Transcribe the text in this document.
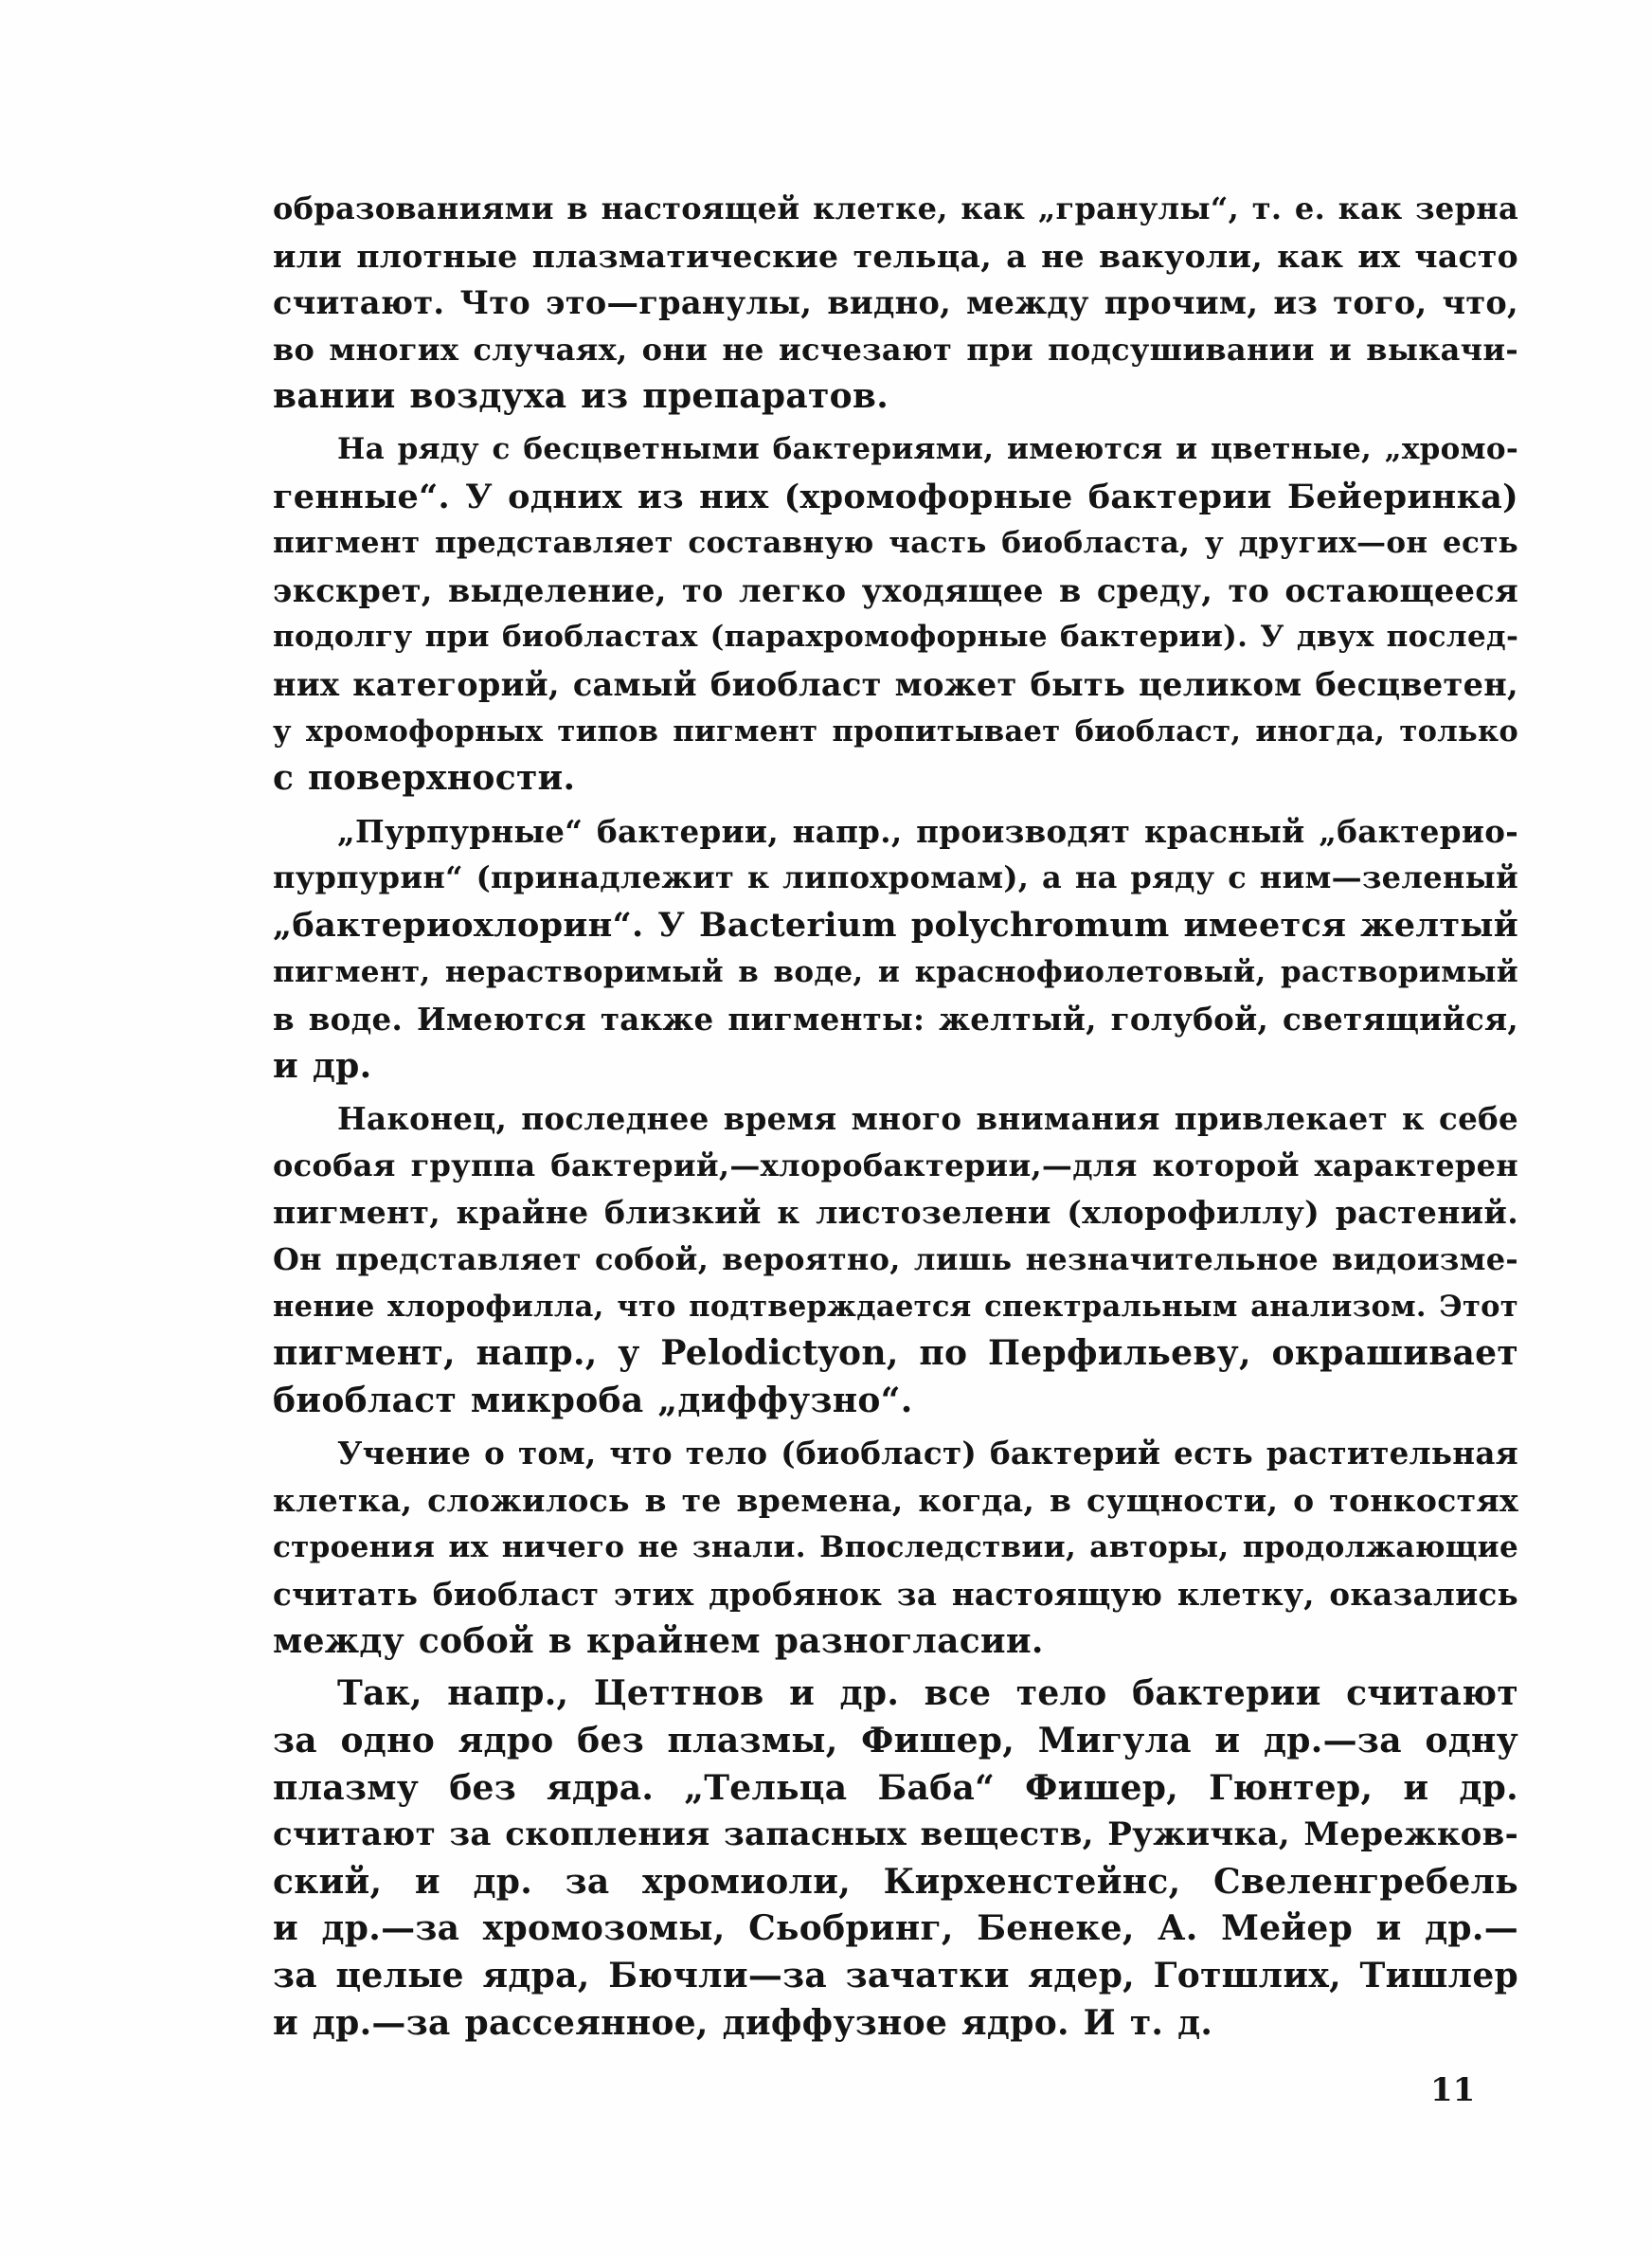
образованиями в настоящей клетке, как „гранулы“, т. е. как зерна
или плотные плазматические тельца, а не вакуоли, как их часто
считают. Что это—гранулы, видно, между прочим, из того, что,
во многих случаях, они не исчезают при подсушивании и выкачи-
вании воздуха из препаратов.
На ряду с бесцветными бактериями, имеются и цветные, „хромо-
генные“. У одних из них (хромофорные бактерии Бейеринка)
пигмент представляет составную часть биобласта, у других—он есть
экскрет, выделение, то легко уходящее в среду, то остающееся
подолгу при биобластах (парахромофорные бактерии). У двух послед-
них категорий, самый биобласт может быть целиком бесцветен,
у хромофорных типов пигмент пропитывает биобласт, иногда, только
с поверхности.
„Пурпурные“ бактерии, напр., производят красный „бактерио-
пурпурин“ (принадлежит к липохромам), а на ряду с ним—зеленый
„бактериохлорин“. У Bacterium polychromum имеется желтый
пигмент, нерастворимый в воде, и краснофиолетовый, растворимый
в воде. Имеются также пигменты: желтый, голубой, светящийся,
и др.
Наконец, последнее время много внимания привлекает к себе
особая группа бактерий,—хлоробактерии,—для которой характерен
пигмент, крайне близкий к листозелени (хлорофиллу) растений.
Он представляет собой, вероятно, лишь незначительное видоизме-
нение хлорофилла, что подтверждается спектральным анализом. Этот
пигмент, напр., у Pelodictyon, по Перфильеву, окрашивает
биобласт микроба „диффузно“.
Учение о том, что тело (биобласт) бактерий есть растительная
клетка, сложилось в те времена, когда, в сущности, о тонкостях
строения их ничего не знали. Впоследствии, авторы, продолжающие
считать биобласт этих дробянок за настоящую клетку, оказались
между собой в крайнем разногласии.
Так, напр., Цеттнов и др. все тело бактерии считают
за одно ядро без плазмы, Фишер, Мигула и др.—за одну
плазму без ядра. „Тельца Баба“ Фишер, Гюнтер, и др.
считают за скопления запасных веществ, Ружичка, Мережков-
ский, и др. за хромиоли, Кирхенстейнс, Свеленгребель
и др.—за хромозомы, Сьобринг, Бенеке, А. Мейер и др.—
за целые ядра, Бючли—за зачатки ядер, Готшлих, Тишлер
и др.—за рассеянное, диффузное ядро. И т. д.
11
